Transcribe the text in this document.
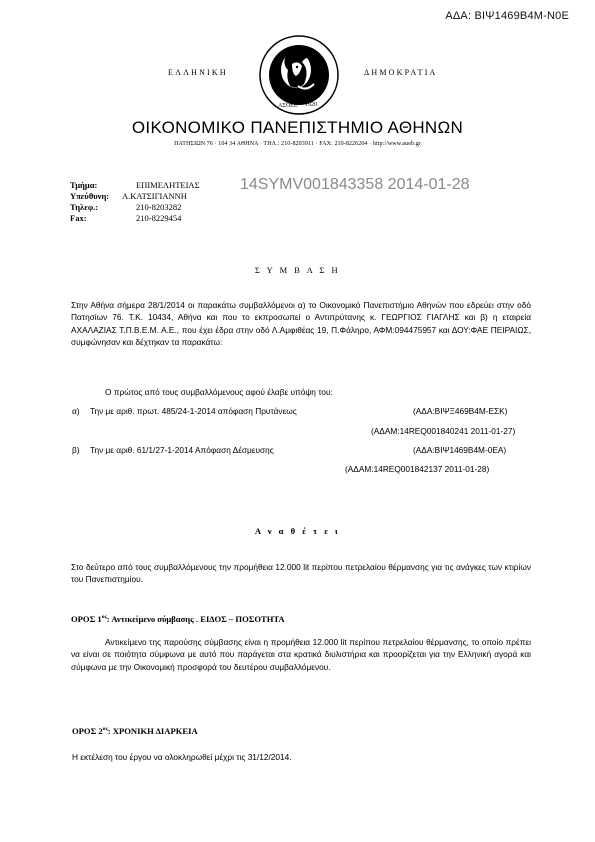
ΑΔΑ: ΒΙΨ1469Β4Μ-Ν0Ε
ΑΣΟΕΕ 1920
ΕΛΛΗΝΙΚΗ	ΔΗΜΟΚΡΑΤΙΑ
ΟΙΚΟΝΟΜΙΚΟ ΠΑΝΕΠΙΣΤΗΜΙΟ ΑΘΗΝΩΝ
ΠΑΤΗΣΙΩΝ 76 · 104 34 ΑΘΗΝΑ · ΤΗΛ.: 210-8203911 · FAX: 210-8226204 · http://www.aueb.gr
Τμήμα:	ΕΠΙΜΕΛΗΤΕΙΑΣ
Υπεύθυνη:	Α.ΚΑΤΣΙΓΙΑΝΝΗ
Τηλεφ.:	210-8203282
Fax:	210-8229454
14SYMV001843358 2014-01-28
Σ Υ Μ Β Α Σ Η
Στην Αθήνα σήμερα 28/1/2014 οι παρακάτω συμβαλλόμενοι α) το Οικονομικό Πανεπιστήμιο Αθηνών που εδρεύει στην οδό Πατησίων 76. Τ.Κ. 10434, Αθήνα και που το εκπροσωπεί ο Αντιπρύτανης κ. ΓΕΩΡΓΙΟΣ ΓΙΑΓΛΗΣ και β) η εταιρεία ΑΧΑΛΑΖΙΑΣ Τ.Π.Β.Ε.Μ. Α.Ε., που έχει έδρα στην οδό Λ.Αμφιθέας 19, Π.Φάληρο, ΑΦΜ:094475957 και ΔΟΥ:ΦΑΕ ΠΕΙΡΑΙΩΣ, συμφώνησαν και δέχτηκαν τα παρακάτω:
Ο πρώτος από τους συμβαλλόμενους αφού έλαβε υπόψη του:
α) Την με αριθ. πρωτ. 485/24-1-2014 απόφαση Πρυτάνεως	(ΑΔΑ:ΒΙΨΞ469Β4Μ-ΕΣΚ)
(ΑΔΑΜ:14REQ001840241 2011-01-27)
β) Την με αριθ. 61/1/27-1-2014 Απόφαση Δέσμευσης	(ΑΔΑ:ΒΙΨ1469Β4Μ-0ΕΑ)
(ΑΔΑΜ:14REQ001842137 2011-01-28)
Α ν α θ έ τ ε ι
Στο δεύτερο από τους συμβαλλόμενους την προμήθεια 12.000 lit περίπου πετρελαίου θέρμανσης για τις ανάγκες των κτιρίων του Πανεπιστημίου.
ΟΡΟΣ $1^{o\varsigma}$: Αντικείμενο σύμβασης . ΕΙΔΟΣ – ΠΟΣΟΤΗΤΑ
Αντικείμενο της παρούσης σύμβασης είναι η προμήθεια 12.000 lit περίπου πετρελαίου θέρμανσης, το οποίο πρέπει να είναι σε ποιότητα σύμφωνα με αυτό που παράγεται στα κρατικά διυλιστήρια και προορίζεται για την Ελληνική αγορά και σύμφωνα με την Οικονομική προσφορά του δευτέρου συμβαλλόμενου.
ΟΡΟΣ $2^{o\varsigma}$: ΧΡΟΝΙΚΗ ΔΙΑΡΚΕΙΑ
Η εκτέλεση του έργου να ολοκληρωθεί μέχρι τις 31/12/2014.
